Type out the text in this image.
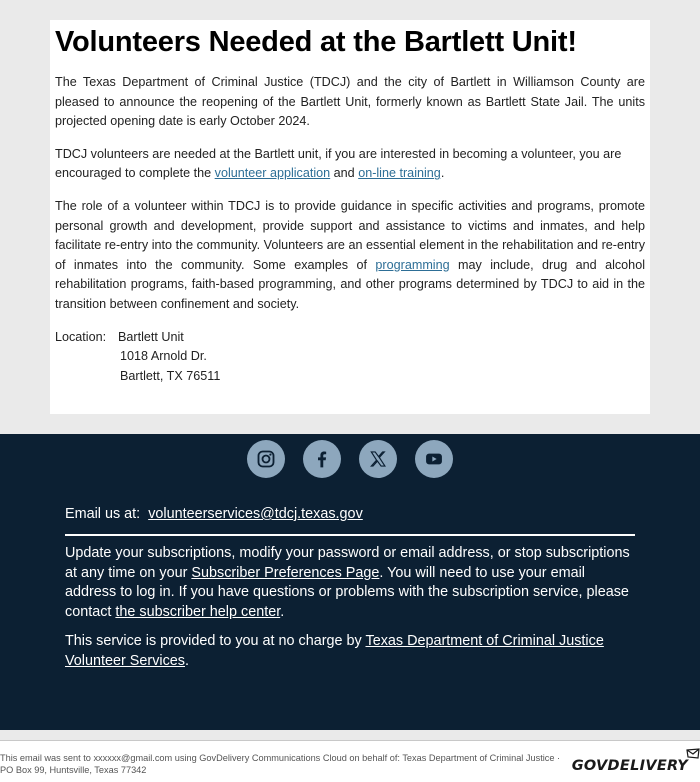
Volunteers Needed at the Bartlett Unit!

The Texas Department of Criminal Justice (TDCJ) and the city of Bartlett in Williamson County are pleased to announce the reopening of the Bartlett Unit, formerly known as Bartlett State Jail. The units projected opening date is early October 2024.

TDCJ volunteers are needed at the Bartlett unit, if you are interested in becoming a volunteer, you are encouraged to complete the volunteer application and on-line training.

The role of a volunteer within TDCJ is to provide guidance in specific activities and programs, promote personal growth and development, provide support and assistance to victims and inmates, and help facilitate re-entry into the community. Volunteers are an essential element in the rehabilitation and re-entry of inmates into the community. Some examples of programming may include, drug and alcohol rehabilitation programs, faith-based programming, and other programs determined by TDCJ to aid in the transition between confinement and society.

Location: Bartlett Unit
1018 Arnold Dr.
Bartlett, TX 76511
Email us at: volunteerservices@tdcj.texas.gov

Update your subscriptions, modify your password or email address, or stop subscriptions at any time on your Subscriber Preferences Page. You will need to use your email address to log in. If you have questions or problems with the subscription service, please contact the subscriber help center.

This service is provided to you at no charge by Texas Department of Criminal Justice Volunteer Services.

This email was sent to xxxxxx@gmail.com using GovDelivery Communications Cloud on behalf of: Texas Department of Criminal Justice · PO Box 99, Huntsville, Texas 77342	GOVDELIVERY
